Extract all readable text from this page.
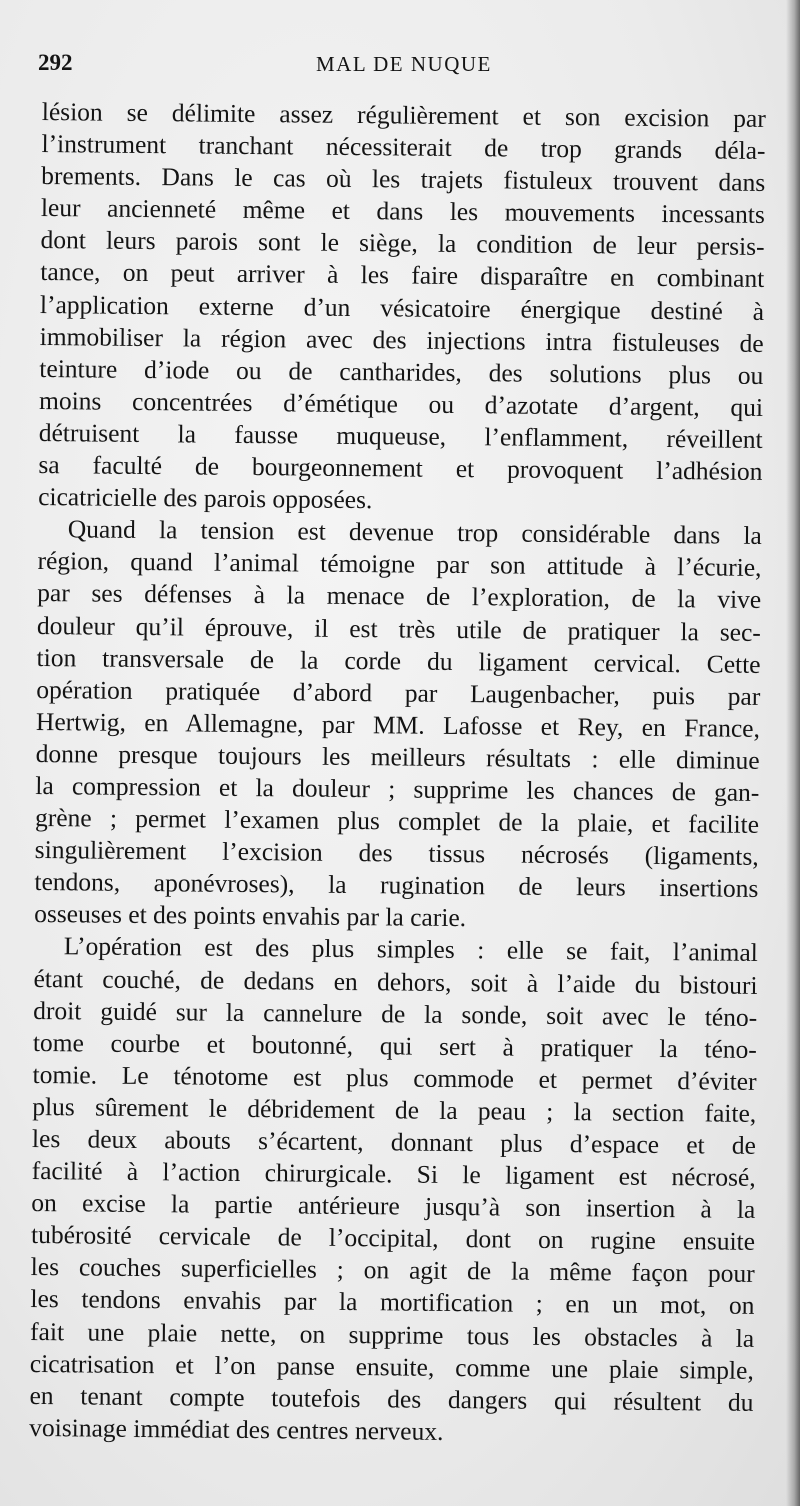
292	MAL DE NUQUE
lésion se délimite assez régulièrement et son excision par
l’instrument tranchant nécessiterait de trop grands déla-
brements. Dans le cas où les trajets fistuleux trouvent dans
leur ancienneté même et dans les mouvements incessants
dont leurs parois sont le siège, la condition de leur persis-
tance, on peut arriver à les faire disparaître en combinant
l’application externe d’un vésicatoire énergique destiné à
immobiliser la région avec des injections intra fistuleuses de
teinture d’iode ou de cantharides, des solutions plus ou
moins concentrées d’émétique ou d’azotate d’argent, qui
détruisent la fausse muqueuse, l’enflamment, réveillent
sa faculté de bourgeonnement et provoquent l’adhésion
cicatricielle des parois opposées.
Quand la tension est devenue trop considérable dans la
région, quand l’animal témoigne par son attitude à l’écurie,
par ses défenses à la menace de l’exploration, de la vive
douleur qu’il éprouve, il est très utile de pratiquer la sec-
tion transversale de la corde du ligament cervical. Cette
opération pratiquée d’abord par Laugenbacher, puis par
Hertwig, en Allemagne, par MM. Lafosse et Rey, en France,
donne presque toujours les meilleurs résultats : elle diminue
la compression et la douleur ; supprime les chances de gan-
grène ; permet l’examen plus complet de la plaie, et facilite
singulièrement l’excision des tissus nécrosés (ligaments,
tendons, aponévroses), la rugination de leurs insertions
osseuses et des points envahis par la carie.
L’opération est des plus simples : elle se fait, l’animal
étant couché, de dedans en dehors, soit à l’aide du bistouri
droit guidé sur la cannelure de la sonde, soit avec le téno-
tome courbe et boutonné, qui sert à pratiquer la téno-
tomie. Le ténotome est plus commode et permet d’éviter
plus sûrement le débridement de la peau ; la section faite,
les deux abouts s’écartent, donnant plus d’espace et de
facilité à l’action chirurgicale. Si le ligament est nécrosé,
on excise la partie antérieure jusqu’à son insertion à la
tubérosité cervicale de l’occipital, dont on rugine ensuite
les couches superficielles ; on agit de la même façon pour
les tendons envahis par la mortification ; en un mot, on
fait une plaie nette, on supprime tous les obstacles à la
cicatrisation et l’on panse ensuite, comme une plaie simple,
en tenant compte toutefois des dangers qui résultent du
voisinage immédiat des centres nerveux.
